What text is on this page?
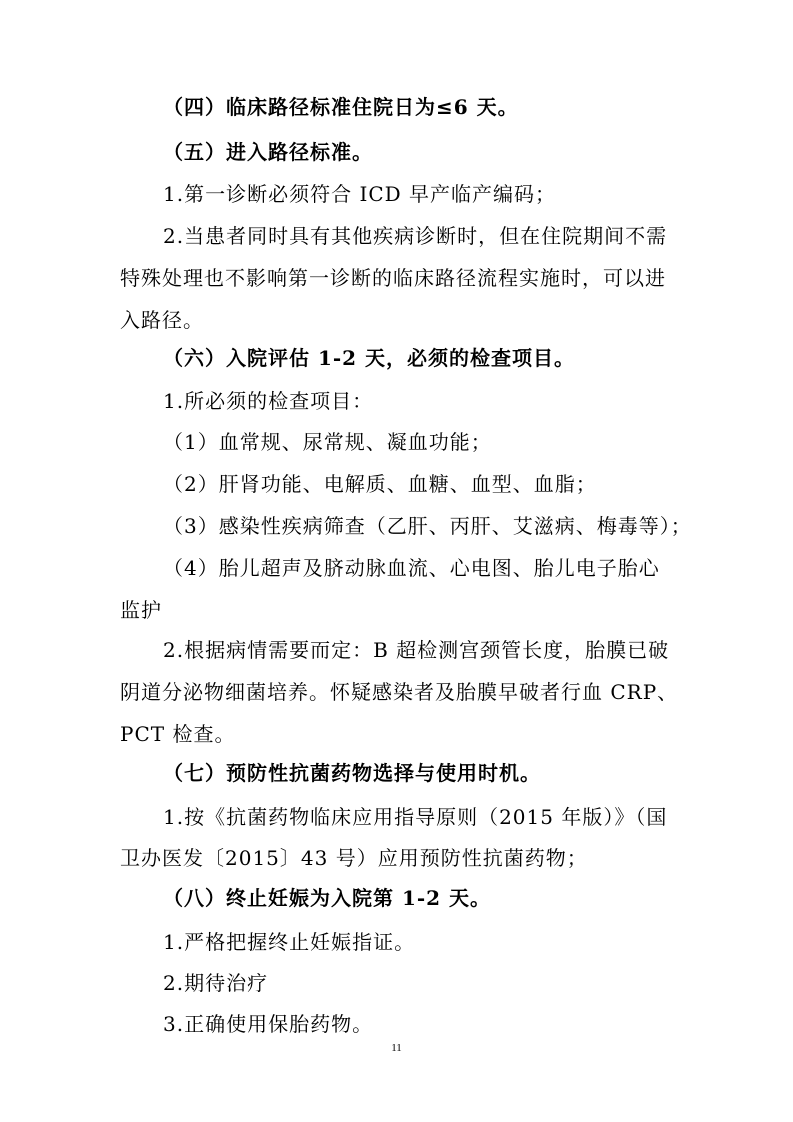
（四）临床路径标准住院日为≤6 天。
（五）进入路径标准。
1.第一诊断必须符合 ICD 早产临产编码；
2.当患者同时具有其他疾病诊断时，但在住院期间不需
特殊处理也不影响第一诊断的临床路径流程实施时，可以进
入路径。
（六）入院评估 1-2 天，必须的检查项目。
1.所必须的检查项目：
（1）血常规、尿常规、凝血功能；
（2）肝肾功能、电解质、血糖、血型、血脂；
（3）感染性疾病筛查（乙肝、丙肝、艾滋病、梅毒等）；
（4）胎儿超声及脐动脉血流、心电图、胎儿电子胎心
监护
2.根据病情需要而定：B 超检测宫颈管长度，胎膜已破
阴道分泌物细菌培养。怀疑感染者及胎膜早破者行血 CRP、
PCT 检查。
（七）预防性抗菌药物选择与使用时机。
1.按《抗菌药物临床应用指导原则（2015 年版）》（国
卫办医发〔2015〕43 号）应用预防性抗菌药物；
（八）终止妊娠为入院第 1-2 天。
1.严格把握终止妊娠指证。
2.期待治疗
3.正确使用保胎药物。
11
